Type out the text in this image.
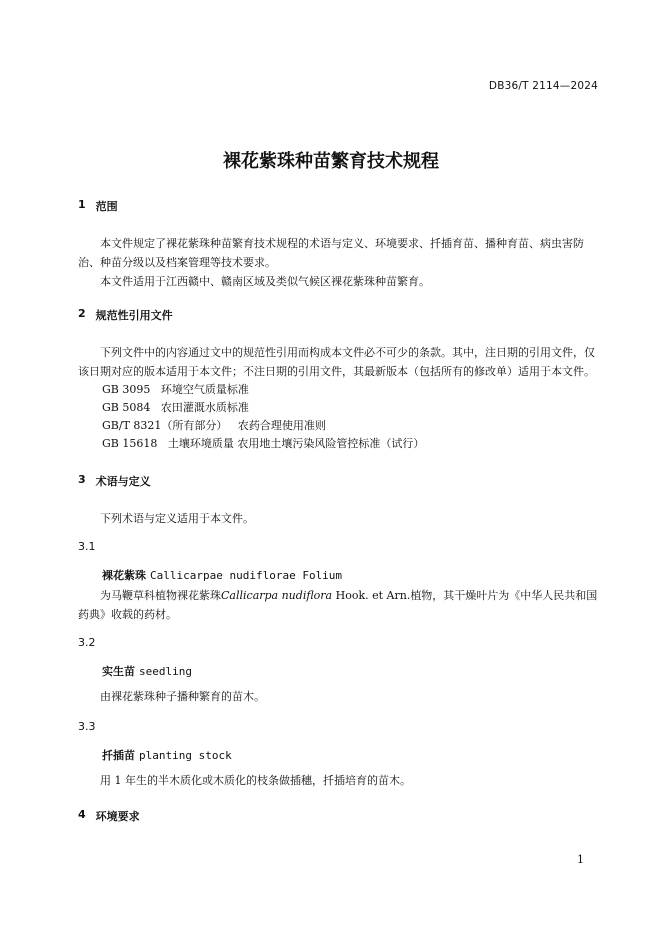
DB36/T 2114—2024
裸花紫珠种苗繁育技术规程
1 范围

本文件规定了裸花紫珠种苗繁育技术规程的术语与定义、环境要求、扦插育苗、播种育苗、病虫害防治、种苗分级以及档案管理等技术要求。

本文件适用于江西赣中、赣南区域及类似气候区裸花紫珠种苗繁育。

2 规范性引用文件

下列文件中的内容通过文中的规范性引用而构成本文件必不可少的条款。其中，注日期的引用文件，仅该日期对应的版本适用于本文件；不注日期的引用文件，其最新版本（包括所有的修改单）适用于本文件。

GB 3095   环境空气质量标准

GB 5084   农田灌溉水质标准

GB/T 8321（所有部分）   农药合理使用准则

GB 15618   土壤环境质量 农用地土壤污染风险管控标准（试行）

3 术语与定义

下列术语与定义适用于本文件。

3.1

裸花紫珠 Callicarpae nudiflorae Folium

为马鞭草科植物裸花紫珠Callicarpa nudiflora Hook. et Arn.植物，其干燥叶片为《中华人民共和国药典》收载的药材。

3.2

实生苗 seedling

由裸花紫珠种子播种繁育的苗木。

3.3

扦插苗 planting stock

用 1 年生的半木质化或木质化的枝条做插穗，扦插培育的苗木。

4 环境要求
1
